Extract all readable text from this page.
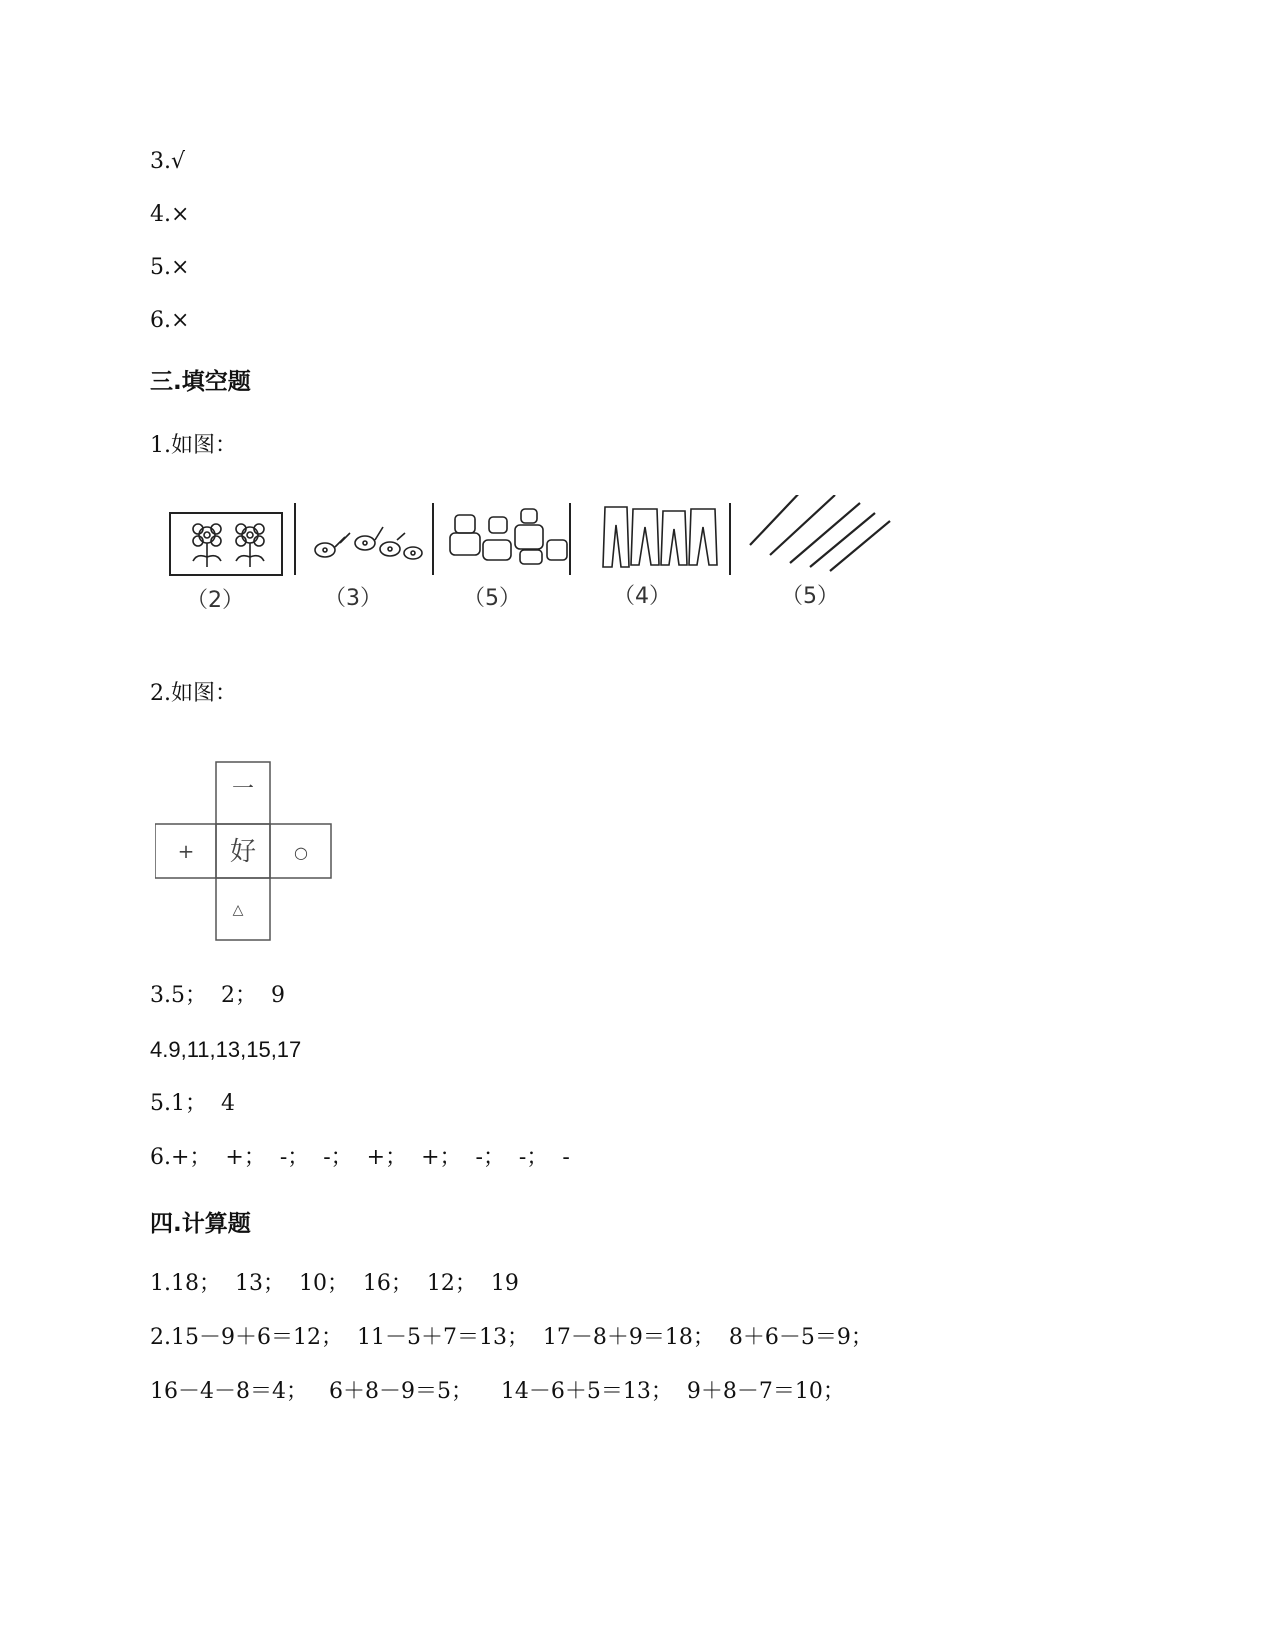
3.√
4.×
5.×
6.×
三.填空题
1.如图：
（2）	（3）	（5）	（4）	（5）
2.如图：
一
+ 好 ○
△
3.5；  2；  9
4.9,11,13,15,17
5.1；  4
6.+；  +；  -；  -；  +；  +；  -；  -；  -
四.计算题
1.18；  13；  10；  16；  12；  19
2.15－9＋6＝12；  11－5＋7＝13；  17－8＋9＝18；  8＋6－5＝9；
16－4－8＝4；   6＋8－9＝5；    14－6＋5＝13；  9＋8－7＝10；
